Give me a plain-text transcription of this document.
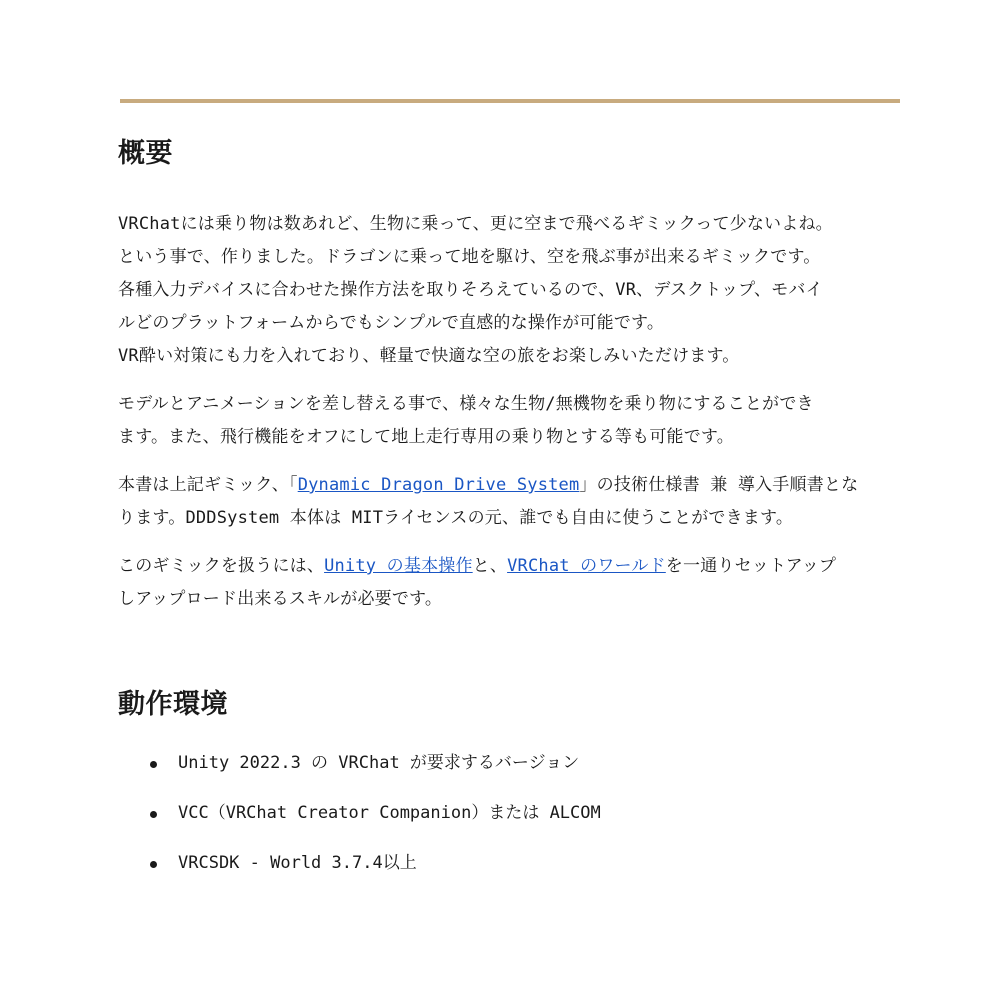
概要

VRChatには乗り物は数あれど、生物に乗って、更に空まで飛べるギミックって少ないよね。

という事で、作りました。ドラゴンに乗って地を駆け、空を飛ぶ事が出来るギミックです。

各種入力デバイスに合わせた操作方法を取りそろえているので、VR、デスクトップ、モバイ

ルどのプラットフォームからでもシンプルで直感的な操作が可能です。

VR酔い対策にも力を入れており、軽量で快適な空の旅をお楽しみいただけます。

モデルとアニメーションを差し替える事で、様々な生物/無機物を乗り物にすることができ

ます。また、飛行機能をオフにして地上走行専用の乗り物とする等も可能です。

本書は上記ギミック、「Dynamic Dragon Drive System」の技術仕様書 兼 導入手順書とな

ります。DDDSystem 本体は MITライセンスの元、誰でも自由に使うことができます。

このギミックを扱うには、Unity の基本操作と、VRChat のワールドを一通りセットアップ

しアップロード出来るスキルが必要です。

動作環境
Unity 2022.3 の VRChat が要求するバージョン
VCC（VRChat Creator Companion）または ALCOM
VRCSDK - World 3.7.4以上
